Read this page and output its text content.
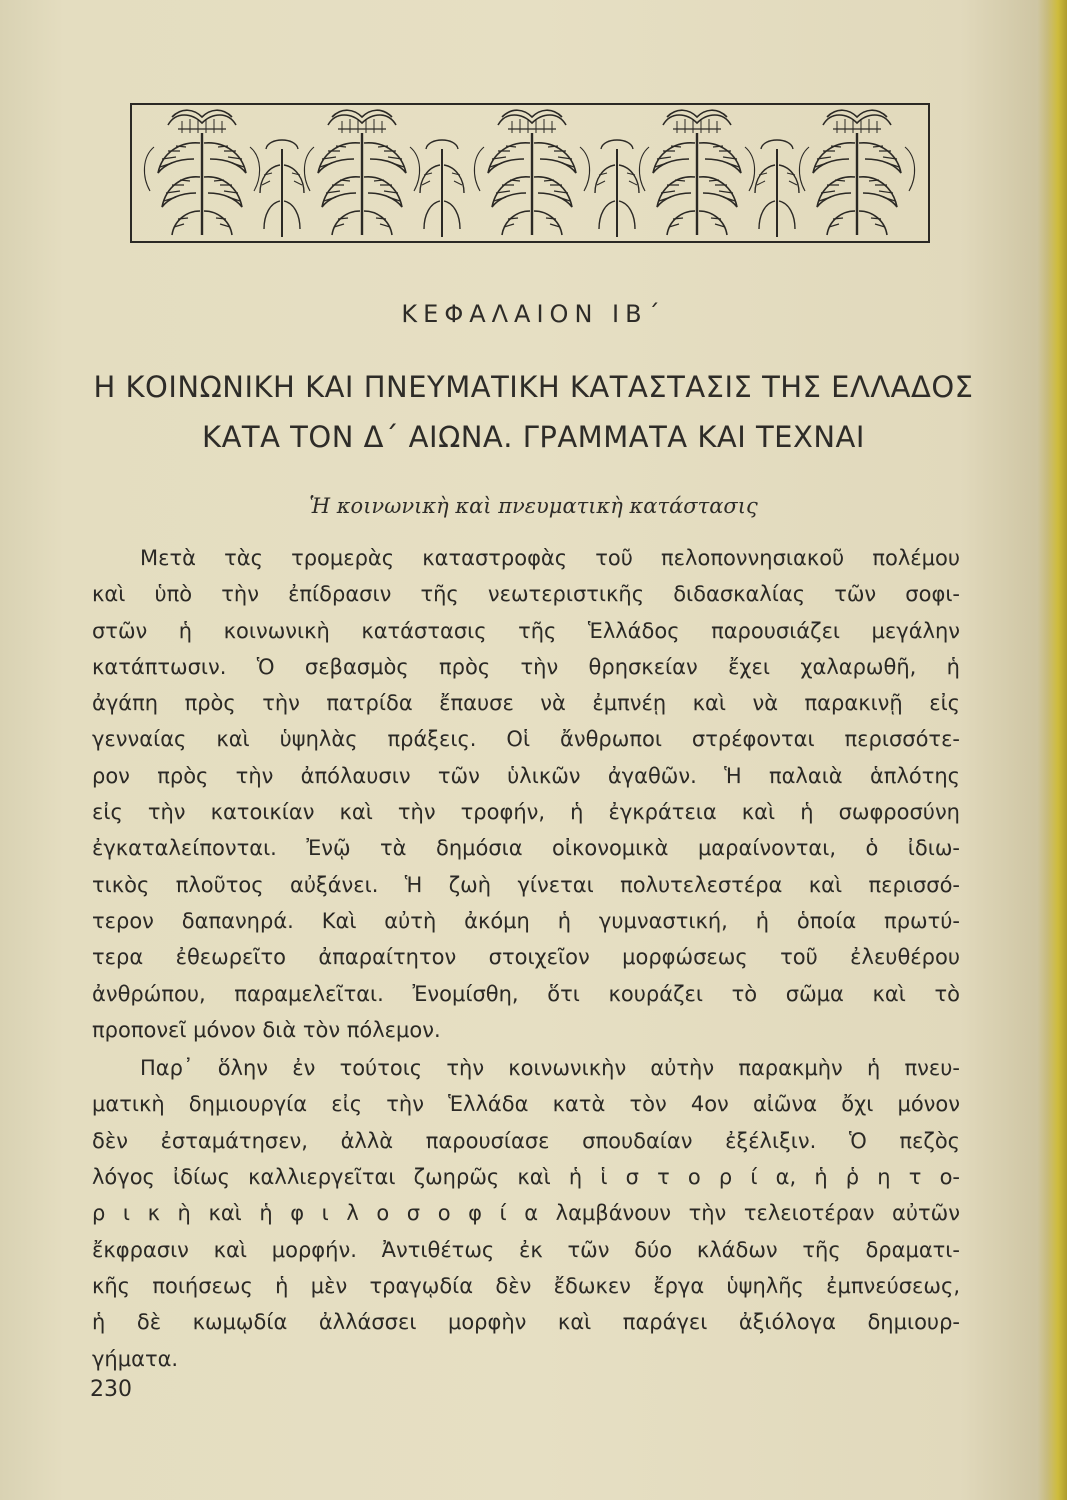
ΚΕΦΑΛΑΙΟΝ ΙΒ΄
Η ΚΟΙΝΩΝΙΚΗ ΚΑΙ ΠΝΕΥΜΑΤΙΚΗ ΚΑΤΑΣΤΑΣΙΣ ΤΗΣ ΕΛΛΑΔΟΣ
ΚΑΤΑ ΤΟΝ Δ΄ ΑΙΩΝΑ. ΓΡΑΜΜΑΤΑ ΚΑΙ ΤΕΧΝΑΙ
Ἡ κοινωνικὴ καὶ πνευματικὴ κατάστασις
Μετὰ τὰς τρομερὰς καταστροφὰς τοῦ πελοποννησιακοῦ πολέμου
καὶ ὑπὸ τὴν ἐπίδρασιν τῆς νεωτεριστικῆς διδασκαλίας τῶν σοφι-
στῶν ἡ κοινωνικὴ κατάστασις τῆς Ἑλλάδος παρουσιάζει μεγάλην
κατάπτωσιν. Ὁ σεβασμὸς πρὸς τὴν θρησκείαν ἔχει χαλαρωθῆ, ἡ
ἀγάπη πρὸς τὴν πατρίδα ἔπαυσε νὰ ἐμπνέῃ καὶ νὰ παρακινῇ εἰς
γενναίας καὶ ὑψηλὰς πράξεις. Οἱ ἄνθρωποι στρέφονται περισσότε-
ρον πρὸς τὴν ἀπόλαυσιν τῶν ὑλικῶν ἀγαθῶν. Ἡ παλαιὰ ἁπλότης
εἰς τὴν κατοικίαν καὶ τὴν τροφήν, ἡ ἐγκράτεια καὶ ἡ σωφροσύνη
ἐγκαταλείπονται. Ἐνῷ τὰ δημόσια οἰκονομικὰ μαραίνονται, ὁ ἰδιω-
τικὸς πλοῦτος αὐξάνει. Ἡ ζωὴ γίνεται πολυτελεστέρα καὶ περισσό-
τερον δαπανηρά. Καὶ αὐτὴ ἀκόμη ἡ γυμναστική, ἡ ὁποία πρωτύ-
τερα ἐθεωρεῖτο ἀπαραίτητον στοιχεῖον μορφώσεως τοῦ ἐλευθέρου
ἀνθρώπου, παραμελεῖται. Ἐνομίσθη, ὅτι κουράζει τὸ σῶμα καὶ τὸ
προπονεῖ μόνον διὰ τὸν πόλεμον.
Παρ᾽ ὅλην ἐν τούτοις τὴν κοινωνικὴν αὐτὴν παρακμὴν ἡ πνευ-
ματικὴ δημιουργία εἰς τὴν Ἑλλάδα κατὰ τὸν 4ον αἰῶνα ὄχι μόνον
δὲν ἐσταμάτησεν, ἀλλὰ παρουσίασε σπουδαίαν ἐξέλιξιν. Ὁ πεζὸς
λόγος ἰδίως καλλιεργεῖται ζωηρῶς καὶ ἡ ἱ σ τ ο ρ ί α, ἡ ῥ η τ ο-
ρ ι κ ὴ καὶ ἡ φ ι λ ο σ ο φ ί α λαμβάνουν τὴν τελειοτέραν αὐτῶν
ἔκφρασιν καὶ μορφήν. Ἀντιθέτως ἐκ τῶν δύο κλάδων τῆς δραματι-
κῆς ποιήσεως ἡ μὲν τραγῳδία δὲν ἔδωκεν ἔργα ὑψηλῆς ἐμπνεύσεως,
ἡ δὲ κωμῳδία ἀλλάσσει μορφὴν καὶ παράγει ἀξιόλογα δημιουρ-
γήματα.
230
